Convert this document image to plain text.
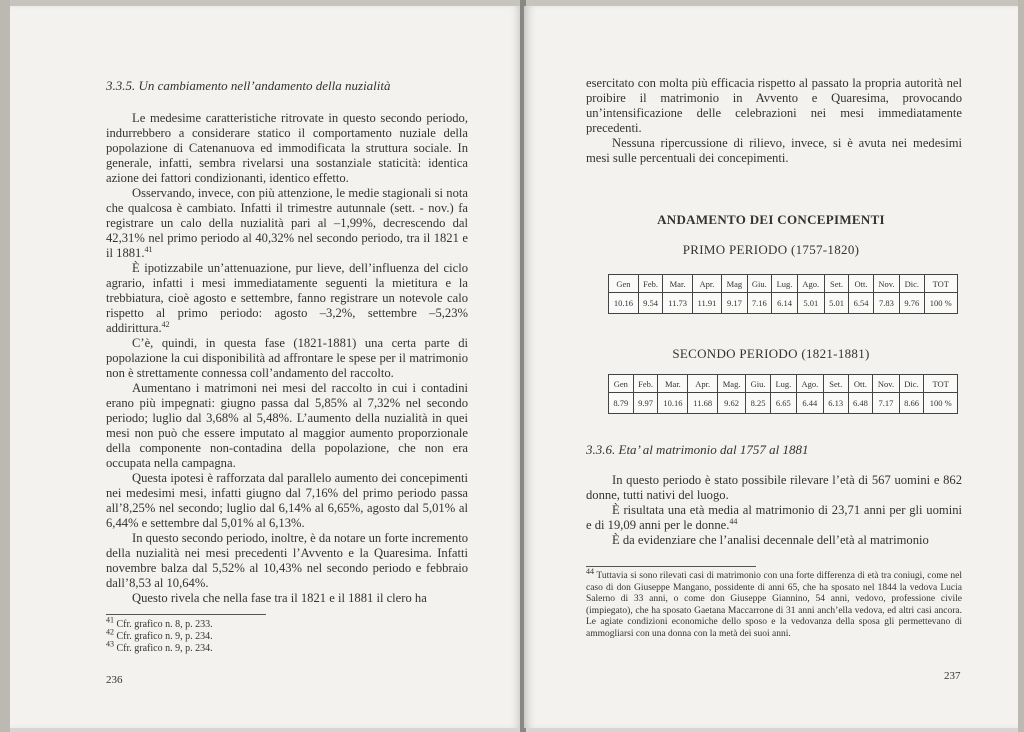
3.3.5. Un cambiamento nell’andamento della nuzialità

Le medesime caratteristiche ritrovate in questo secondo periodo, indurrebbero a considerare statico il comportamento nuziale della popolazione di Catenanuova ed immodificata la struttura sociale. In generale, infatti, sembra rivelarsi una sostanziale staticità: identica azione dei fattori condizionanti, identico effetto.

Osservando, invece, con più attenzione, le medie stagionali si nota che qualcosa è cambiato. Infatti il trimestre autunnale (sett. - nov.) fa registrare un calo della nuzialità pari al –1,99%, decrescendo dal 42,31% nel primo periodo al 40,32% nel secondo periodo, tra il 1821 e il 1881.41

È ipotizzabile un’attenuazione, pur lieve, dell’influenza del ciclo agrario, infatti i mesi immediatamente seguenti la mietitura e la trebbiatura, cioè agosto e settembre, fanno registrare un notevole calo rispetto al primo periodo: agosto –3,2%, settembre –5,23% addirittura.$^{42}$

C’è, quindi, in questa fase (1821-1881) una certa parte di popolazione la cui disponibilità ad affrontare le spese per il matrimonio non è strettamente connessa coll’andamento del raccolto.

Aumentano i matrimoni nei mesi del raccolto in cui i contadini erano più impegnati: giugno passa dal 5,85% al 7,32% nel secondo periodo; luglio dal 3,68% al 5,48%. L’aumento della nuzialità in quei mesi non può che essere imputato al maggior aumento proporzionale della componente non-contadina della popolazione, che non era occupata nella campagna.

Questa ipotesi è rafforzata dal parallelo aumento dei concepimenti nei medesimi mesi, infatti giugno dal 7,16% del primo periodo passa all’8,25% nel secondo; luglio dal 6,14% al 6,65%, agosto dal 5,01% al 6,44% e settembre dal 5,01% al 6,13%.

In questo secondo periodo, inoltre, è da notare un forte incremento della nuzialità nei mesi precedenti l’Avvento e la Quaresima. Infatti novembre balza dal 5,52% al 10,43% nel secondo periodo e febbraio dall’8,53 al 10,64%.

Questo rivela che nella fase tra il 1821 e il 1881 il clero ha

$^{41}$ Cfr. grafico n. 8, p. 233.
$^{42}$ Cfr. grafico n. 9, p. 234.
$^{43}$ Cfr. grafico n. 9, p. 234.
236

esercitato con molta più efficacia rispetto al passato la propria autorità nel proibire il matrimonio in Avvento e Quaresima, provocando un’intensificazione delle celebrazioni nei mesi immediatamente precedenti.

Nessuna ripercussione di rilievo, invece, si è avuta nei medesimi mesi sulle percentuali dei concepimenti.

ANDAMENTO DEI CONCEPIMENTI
PRIMO PERIODO (1757-1820)
Gen	Feb.	Mar.	Apr.	Mag	Giu.	Lug.	Ago.	Set.	Ott.	Nov.	Dic.	TOT
10.16	9.54	11.73	11.91	9.17	7.16	6.14	5.01	5.01	6.54	7.83	9.76	100 %
SECONDO PERIODO (1821-1881)
Gen	Feb.	Mar.	Apr.	Mag.	Giu.	Lug.	Ago.	Set.	Ott.	Nov.	Dic.	TOT
8.79	9.97	10.16	11.68	9.62	8.25	6.65	6.44	6.13	6.48	7.17	8.66	100 %

3.3.6. Eta’ al matrimonio dal 1757 al 1881

In questo periodo è stato possibile rilevare l’età di 567 uomini e 862 donne, tutti nativi del luogo.

È risultata una età media al matrimonio di 23,71 anni per gli uomini e di 19,09 anni per le donne.$^{44}$

È da evidenziare che l’analisi decennale dell’età al matrimonio

$^{44}$ Tuttavia si sono rilevati casi di matrimonio con una forte differenza di età tra coniugi, come nel caso di don Giuseppe Mangano, possidente di anni 65, che ha sposato nel 1844 la vedova Lucia Salerno di 33 anni, o come don Giuseppe Giannino, 54 anni, vedovo, professione civile (impiegato), che ha sposato Gaetana Maccarrone di 31 anni anch’ella vedova, ed altri casi ancora. Le agiate condizioni economiche dello sposo e la vedovanza della sposa gli permettevano di ammogliarsi con una donna con la metà dei suoi anni.
237
